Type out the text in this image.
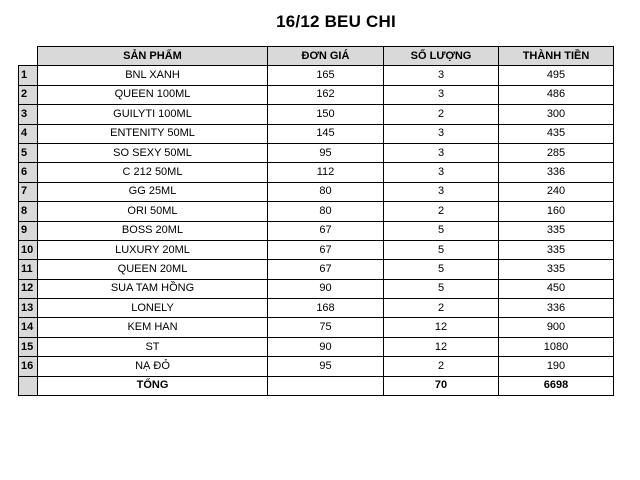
16/12 BEU CHI
	SẢN PHẨM	ĐƠN GIÁ	SỐ LƯỢNG	THÀNH TIỀN
1	BNL XANH	165	3	495
2	QUEEN 100ML	162	3	486
3	GUILYTI 100ML	150	2	300
4	ENTENITY 50ML	145	3	435
5	SO SEXY 50ML	95	3	285
6	C 212 50ML	112	3	336
7	GG 25ML	80	3	240
8	ORI 50ML	80	2	160
9	BOSS 20ML	67	5	335
10	LUXURY 20ML	67	5	335
11	QUEEN 20ML	67	5	335
12	SUA TAM HỒNG	90	5	450
13	LONELY	168	2	336
14	KEM HAN	75	12	900
15	ST	90	12	1080
16	NẠ ĐỎ	95	2	190
	TỔNG		70	6698
